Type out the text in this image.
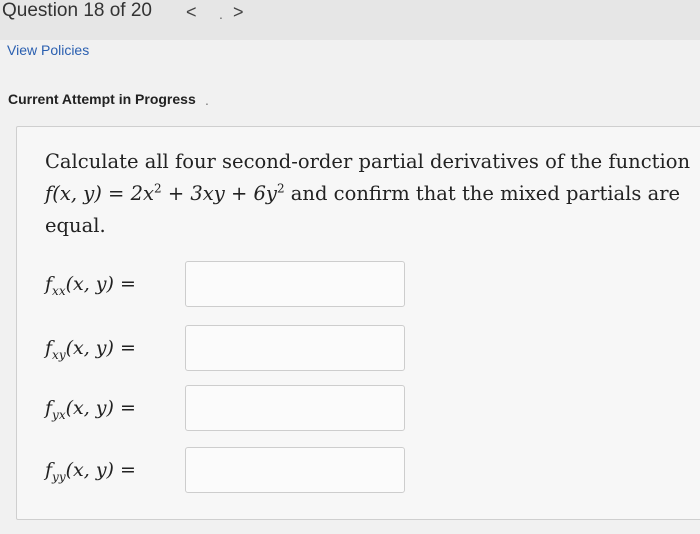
Question 18 of 20 < . >
View Policies
Current Attempt in Progress .
Calculate all four second-order partial derivatives of the function f(x, $y) = 2x^2 + 3xy + 6y^2$ and confirm that the mixed partials are equal.
$f_{xx}(x$, y) =
$f_{xy}(x$, y) =
$f_{yx}(x$, y) =
$f_{yy}(x$, y) =
